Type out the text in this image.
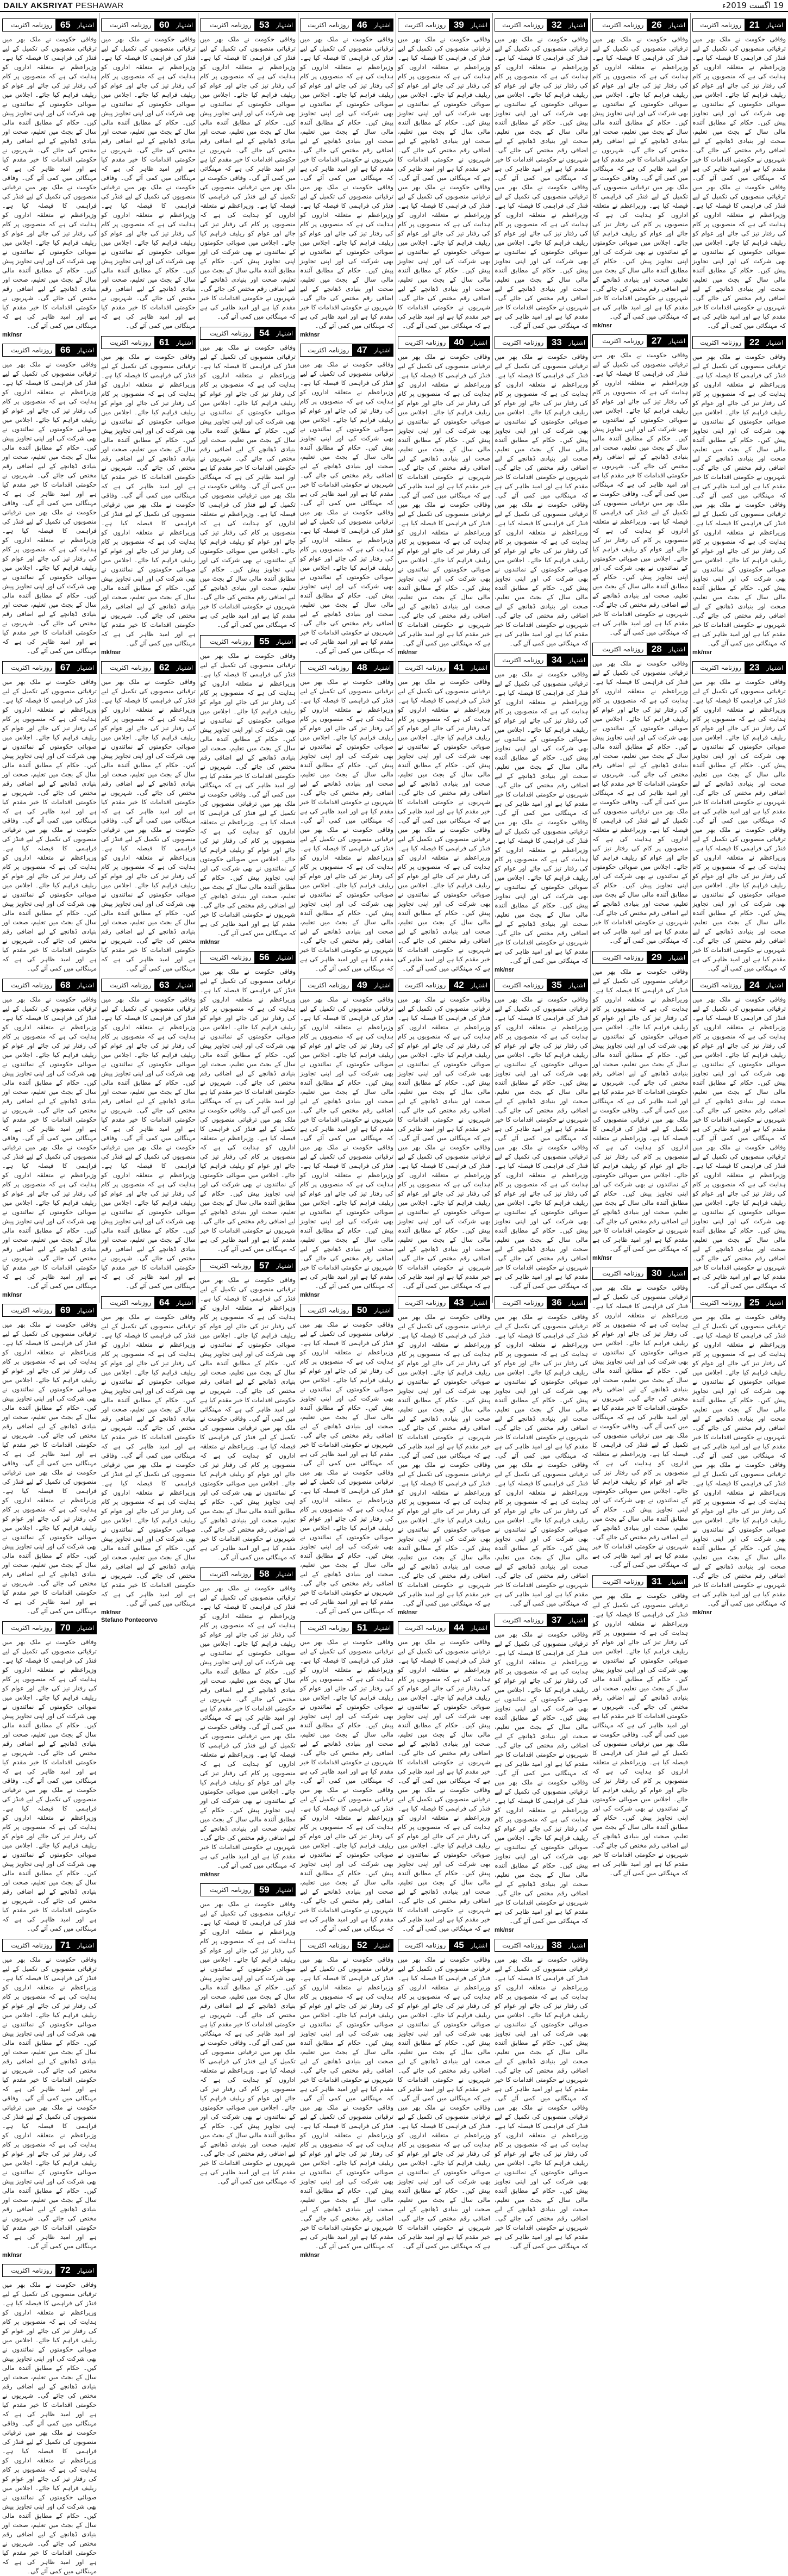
DAILY AKSRIYAT PESHAWAR	19 اگست 2019ء
اشتہار
21
روزنامہ اکثریت

وفاقی حکومت نے ملک بھر میں ترقیاتی منصوبوں کی تکمیل کے لیے فنڈز کی فراہمی کا فیصلہ کیا ہے۔ وزیراعظم نے متعلقہ اداروں کو ہدایت کی ہے کہ منصوبوں پر کام کی رفتار تیز کی جائے اور عوام کو ریلیف فراہم کیا جائے۔ اجلاس میں صوبائی حکومتوں کے نمائندوں نے بھی شرکت کی اور اپنی تجاویز پیش کیں۔ حکام کے مطابق آئندہ مالی سال کے بجٹ میں تعلیم، صحت اور بنیادی ڈھانچے کے لیے اضافی رقم مختص کی جائے گی۔ شہریوں نے حکومتی اقدامات کا خیر مقدم کیا ہے اور امید ظاہر کی ہے کہ مہنگائی میں کمی آئے گی۔ وفاقی حکومت نے ملک بھر میں ترقیاتی منصوبوں کی تکمیل کے لیے فنڈز کی فراہمی کا فیصلہ کیا ہے۔ وزیراعظم نے متعلقہ اداروں کو ہدایت کی ہے کہ منصوبوں پر کام کی رفتار تیز کی جائے اور عوام کو ریلیف فراہم کیا جائے۔ اجلاس میں صوبائی حکومتوں کے نمائندوں نے بھی شرکت کی اور اپنی تجاویز پیش کیں۔ حکام کے مطابق آئندہ مالی سال کے بجٹ میں تعلیم، صحت اور بنیادی ڈھانچے کے لیے اضافی رقم مختص کی جائے گی۔ شہریوں نے حکومتی اقدامات کا خیر مقدم کیا ہے اور امید ظاہر کی ہے کہ مہنگائی میں کمی آئے گی۔

اشتہار
22
روزنامہ اکثریت

وفاقی حکومت نے ملک بھر میں ترقیاتی منصوبوں کی تکمیل کے لیے فنڈز کی فراہمی کا فیصلہ کیا ہے۔ وزیراعظم نے متعلقہ اداروں کو ہدایت کی ہے کہ منصوبوں پر کام کی رفتار تیز کی جائے اور عوام کو ریلیف فراہم کیا جائے۔ اجلاس میں صوبائی حکومتوں کے نمائندوں نے بھی شرکت کی اور اپنی تجاویز پیش کیں۔ حکام کے مطابق آئندہ مالی سال کے بجٹ میں تعلیم، صحت اور بنیادی ڈھانچے کے لیے اضافی رقم مختص کی جائے گی۔ شہریوں نے حکومتی اقدامات کا خیر مقدم کیا ہے اور امید ظاہر کی ہے کہ مہنگائی میں کمی آئے گی۔ وفاقی حکومت نے ملک بھر میں ترقیاتی منصوبوں کی تکمیل کے لیے فنڈز کی فراہمی کا فیصلہ کیا ہے۔ وزیراعظم نے متعلقہ اداروں کو ہدایت کی ہے کہ منصوبوں پر کام کی رفتار تیز کی جائے اور عوام کو ریلیف فراہم کیا جائے۔ اجلاس میں صوبائی حکومتوں کے نمائندوں نے بھی شرکت کی اور اپنی تجاویز پیش کیں۔ حکام کے مطابق آئندہ مالی سال کے بجٹ میں تعلیم، صحت اور بنیادی ڈھانچے کے لیے اضافی رقم مختص کی جائے گی۔ شہریوں نے حکومتی اقدامات کا خیر مقدم کیا ہے اور امید ظاہر کی ہے کہ مہنگائی میں کمی آئے گی۔

mk/nsr
اشتہار
23
روزنامہ اکثریت

وفاقی حکومت نے ملک بھر میں ترقیاتی منصوبوں کی تکمیل کے لیے فنڈز کی فراہمی کا فیصلہ کیا ہے۔ وزیراعظم نے متعلقہ اداروں کو ہدایت کی ہے کہ منصوبوں پر کام کی رفتار تیز کی جائے اور عوام کو ریلیف فراہم کیا جائے۔ اجلاس میں صوبائی حکومتوں کے نمائندوں نے بھی شرکت کی اور اپنی تجاویز پیش کیں۔ حکام کے مطابق آئندہ مالی سال کے بجٹ میں تعلیم، صحت اور بنیادی ڈھانچے کے لیے اضافی رقم مختص کی جائے گی۔ شہریوں نے حکومتی اقدامات کا خیر مقدم کیا ہے اور امید ظاہر کی ہے کہ مہنگائی میں کمی آئے گی۔ وفاقی حکومت نے ملک بھر میں ترقیاتی منصوبوں کی تکمیل کے لیے فنڈز کی فراہمی کا فیصلہ کیا ہے۔ وزیراعظم نے متعلقہ اداروں کو ہدایت کی ہے کہ منصوبوں پر کام کی رفتار تیز کی جائے اور عوام کو ریلیف فراہم کیا جائے۔ اجلاس میں صوبائی حکومتوں کے نمائندوں نے بھی شرکت کی اور اپنی تجاویز پیش کیں۔ حکام کے مطابق آئندہ مالی سال کے بجٹ میں تعلیم، صحت اور بنیادی ڈھانچے کے لیے اضافی رقم مختص کی جائے گی۔ شہریوں نے حکومتی اقدامات کا خیر مقدم کیا ہے اور امید ظاہر کی ہے کہ مہنگائی میں کمی آئے گی۔

اشتہار
24
روزنامہ اکثریت

وفاقی حکومت نے ملک بھر میں ترقیاتی منصوبوں کی تکمیل کے لیے فنڈز کی فراہمی کا فیصلہ کیا ہے۔ وزیراعظم نے متعلقہ اداروں کو ہدایت کی ہے کہ منصوبوں پر کام کی رفتار تیز کی جائے اور عوام کو ریلیف فراہم کیا جائے۔ اجلاس میں صوبائی حکومتوں کے نمائندوں نے بھی شرکت کی اور اپنی تجاویز پیش کیں۔ حکام کے مطابق آئندہ مالی سال کے بجٹ میں تعلیم، صحت اور بنیادی ڈھانچے کے لیے اضافی رقم مختص کی جائے گی۔ شہریوں نے حکومتی اقدامات کا خیر مقدم کیا ہے اور امید ظاہر کی ہے کہ مہنگائی میں کمی آئے گی۔ وفاقی حکومت نے ملک بھر میں ترقیاتی منصوبوں کی تکمیل کے لیے فنڈز کی فراہمی کا فیصلہ کیا ہے۔ وزیراعظم نے متعلقہ اداروں کو ہدایت کی ہے کہ منصوبوں پر کام کی رفتار تیز کی جائے اور عوام کو ریلیف فراہم کیا جائے۔ اجلاس میں صوبائی حکومتوں کے نمائندوں نے بھی شرکت کی اور اپنی تجاویز پیش کیں۔ حکام کے مطابق آئندہ مالی سال کے بجٹ میں تعلیم، صحت اور بنیادی ڈھانچے کے لیے اضافی رقم مختص کی جائے گی۔ شہریوں نے حکومتی اقدامات کا خیر مقدم کیا ہے اور امید ظاہر کی ہے کہ مہنگائی میں کمی آئے گی۔

اشتہار
25
روزنامہ اکثریت

وفاقی حکومت نے ملک بھر میں ترقیاتی منصوبوں کی تکمیل کے لیے فنڈز کی فراہمی کا فیصلہ کیا ہے۔ وزیراعظم نے متعلقہ اداروں کو ہدایت کی ہے کہ منصوبوں پر کام کی رفتار تیز کی جائے اور عوام کو ریلیف فراہم کیا جائے۔ اجلاس میں صوبائی حکومتوں کے نمائندوں نے بھی شرکت کی اور اپنی تجاویز پیش کیں۔ حکام کے مطابق آئندہ مالی سال کے بجٹ میں تعلیم، صحت اور بنیادی ڈھانچے کے لیے اضافی رقم مختص کی جائے گی۔ شہریوں نے حکومتی اقدامات کا خیر مقدم کیا ہے اور امید ظاہر کی ہے کہ مہنگائی میں کمی آئے گی۔ وفاقی حکومت نے ملک بھر میں ترقیاتی منصوبوں کی تکمیل کے لیے فنڈز کی فراہمی کا فیصلہ کیا ہے۔ وزیراعظم نے متعلقہ اداروں کو ہدایت کی ہے کہ منصوبوں پر کام کی رفتار تیز کی جائے اور عوام کو ریلیف فراہم کیا جائے۔ اجلاس میں صوبائی حکومتوں کے نمائندوں نے بھی شرکت کی اور اپنی تجاویز پیش کیں۔ حکام کے مطابق آئندہ مالی سال کے بجٹ میں تعلیم، صحت اور بنیادی ڈھانچے کے لیے اضافی رقم مختص کی جائے گی۔ شہریوں نے حکومتی اقدامات کا خیر مقدم کیا ہے اور امید ظاہر کی ہے کہ مہنگائی میں کمی آئے گی۔

mk/nsr
اشتہار
26
روزنامہ اکثریت

وفاقی حکومت نے ملک بھر میں ترقیاتی منصوبوں کی تکمیل کے لیے فنڈز کی فراہمی کا فیصلہ کیا ہے۔ وزیراعظم نے متعلقہ اداروں کو ہدایت کی ہے کہ منصوبوں پر کام کی رفتار تیز کی جائے اور عوام کو ریلیف فراہم کیا جائے۔ اجلاس میں صوبائی حکومتوں کے نمائندوں نے بھی شرکت کی اور اپنی تجاویز پیش کیں۔ حکام کے مطابق آئندہ مالی سال کے بجٹ میں تعلیم، صحت اور بنیادی ڈھانچے کے لیے اضافی رقم مختص کی جائے گی۔ شہریوں نے حکومتی اقدامات کا خیر مقدم کیا ہے اور امید ظاہر کی ہے کہ مہنگائی میں کمی آئے گی۔ وفاقی حکومت نے ملک بھر میں ترقیاتی منصوبوں کی تکمیل کے لیے فنڈز کی فراہمی کا فیصلہ کیا ہے۔ وزیراعظم نے متعلقہ اداروں کو ہدایت کی ہے کہ منصوبوں پر کام کی رفتار تیز کی جائے اور عوام کو ریلیف فراہم کیا جائے۔ اجلاس میں صوبائی حکومتوں کے نمائندوں نے بھی شرکت کی اور اپنی تجاویز پیش کیں۔ حکام کے مطابق آئندہ مالی سال کے بجٹ میں تعلیم، صحت اور بنیادی ڈھانچے کے لیے اضافی رقم مختص کی جائے گی۔ شہریوں نے حکومتی اقدامات کا خیر مقدم کیا ہے اور امید ظاہر کی ہے کہ مہنگائی میں کمی آئے گی۔

mk/nsr
اشتہار
27
روزنامہ اکثریت

وفاقی حکومت نے ملک بھر میں ترقیاتی منصوبوں کی تکمیل کے لیے فنڈز کی فراہمی کا فیصلہ کیا ہے۔ وزیراعظم نے متعلقہ اداروں کو ہدایت کی ہے کہ منصوبوں پر کام کی رفتار تیز کی جائے اور عوام کو ریلیف فراہم کیا جائے۔ اجلاس میں صوبائی حکومتوں کے نمائندوں نے بھی شرکت کی اور اپنی تجاویز پیش کیں۔ حکام کے مطابق آئندہ مالی سال کے بجٹ میں تعلیم، صحت اور بنیادی ڈھانچے کے لیے اضافی رقم مختص کی جائے گی۔ شہریوں نے حکومتی اقدامات کا خیر مقدم کیا ہے اور امید ظاہر کی ہے کہ مہنگائی میں کمی آئے گی۔ وفاقی حکومت نے ملک بھر میں ترقیاتی منصوبوں کی تکمیل کے لیے فنڈز کی فراہمی کا فیصلہ کیا ہے۔ وزیراعظم نے متعلقہ اداروں کو ہدایت کی ہے کہ منصوبوں پر کام کی رفتار تیز کی جائے اور عوام کو ریلیف فراہم کیا جائے۔ اجلاس میں صوبائی حکومتوں کے نمائندوں نے بھی شرکت کی اور اپنی تجاویز پیش کیں۔ حکام کے مطابق آئندہ مالی سال کے بجٹ میں تعلیم، صحت اور بنیادی ڈھانچے کے لیے اضافی رقم مختص کی جائے گی۔ شہریوں نے حکومتی اقدامات کا خیر مقدم کیا ہے اور امید ظاہر کی ہے کہ مہنگائی میں کمی آئے گی۔

اشتہار
28
روزنامہ اکثریت

وفاقی حکومت نے ملک بھر میں ترقیاتی منصوبوں کی تکمیل کے لیے فنڈز کی فراہمی کا فیصلہ کیا ہے۔ وزیراعظم نے متعلقہ اداروں کو ہدایت کی ہے کہ منصوبوں پر کام کی رفتار تیز کی جائے اور عوام کو ریلیف فراہم کیا جائے۔ اجلاس میں صوبائی حکومتوں کے نمائندوں نے بھی شرکت کی اور اپنی تجاویز پیش کیں۔ حکام کے مطابق آئندہ مالی سال کے بجٹ میں تعلیم، صحت اور بنیادی ڈھانچے کے لیے اضافی رقم مختص کی جائے گی۔ شہریوں نے حکومتی اقدامات کا خیر مقدم کیا ہے اور امید ظاہر کی ہے کہ مہنگائی میں کمی آئے گی۔ وفاقی حکومت نے ملک بھر میں ترقیاتی منصوبوں کی تکمیل کے لیے فنڈز کی فراہمی کا فیصلہ کیا ہے۔ وزیراعظم نے متعلقہ اداروں کو ہدایت کی ہے کہ منصوبوں پر کام کی رفتار تیز کی جائے اور عوام کو ریلیف فراہم کیا جائے۔ اجلاس میں صوبائی حکومتوں کے نمائندوں نے بھی شرکت کی اور اپنی تجاویز پیش کیں۔ حکام کے مطابق آئندہ مالی سال کے بجٹ میں تعلیم، صحت اور بنیادی ڈھانچے کے لیے اضافی رقم مختص کی جائے گی۔ شہریوں نے حکومتی اقدامات کا خیر مقدم کیا ہے اور امید ظاہر کی ہے کہ مہنگائی میں کمی آئے گی۔

اشتہار
29
روزنامہ اکثریت

وفاقی حکومت نے ملک بھر میں ترقیاتی منصوبوں کی تکمیل کے لیے فنڈز کی فراہمی کا فیصلہ کیا ہے۔ وزیراعظم نے متعلقہ اداروں کو ہدایت کی ہے کہ منصوبوں پر کام کی رفتار تیز کی جائے اور عوام کو ریلیف فراہم کیا جائے۔ اجلاس میں صوبائی حکومتوں کے نمائندوں نے بھی شرکت کی اور اپنی تجاویز پیش کیں۔ حکام کے مطابق آئندہ مالی سال کے بجٹ میں تعلیم، صحت اور بنیادی ڈھانچے کے لیے اضافی رقم مختص کی جائے گی۔ شہریوں نے حکومتی اقدامات کا خیر مقدم کیا ہے اور امید ظاہر کی ہے کہ مہنگائی میں کمی آئے گی۔ وفاقی حکومت نے ملک بھر میں ترقیاتی منصوبوں کی تکمیل کے لیے فنڈز کی فراہمی کا فیصلہ کیا ہے۔ وزیراعظم نے متعلقہ اداروں کو ہدایت کی ہے کہ منصوبوں پر کام کی رفتار تیز کی جائے اور عوام کو ریلیف فراہم کیا جائے۔ اجلاس میں صوبائی حکومتوں کے نمائندوں نے بھی شرکت کی اور اپنی تجاویز پیش کیں۔ حکام کے مطابق آئندہ مالی سال کے بجٹ میں تعلیم، صحت اور بنیادی ڈھانچے کے لیے اضافی رقم مختص کی جائے گی۔ شہریوں نے حکومتی اقدامات کا خیر مقدم کیا ہے اور امید ظاہر کی ہے کہ مہنگائی میں کمی آئے گی۔

mk/nsr
اشتہار
30
روزنامہ اکثریت

وفاقی حکومت نے ملک بھر میں ترقیاتی منصوبوں کی تکمیل کے لیے فنڈز کی فراہمی کا فیصلہ کیا ہے۔ وزیراعظم نے متعلقہ اداروں کو ہدایت کی ہے کہ منصوبوں پر کام کی رفتار تیز کی جائے اور عوام کو ریلیف فراہم کیا جائے۔ اجلاس میں صوبائی حکومتوں کے نمائندوں نے بھی شرکت کی اور اپنی تجاویز پیش کیں۔ حکام کے مطابق آئندہ مالی سال کے بجٹ میں تعلیم، صحت اور بنیادی ڈھانچے کے لیے اضافی رقم مختص کی جائے گی۔ شہریوں نے حکومتی اقدامات کا خیر مقدم کیا ہے اور امید ظاہر کی ہے کہ مہنگائی میں کمی آئے گی۔ وفاقی حکومت نے ملک بھر میں ترقیاتی منصوبوں کی تکمیل کے لیے فنڈز کی فراہمی کا فیصلہ کیا ہے۔ وزیراعظم نے متعلقہ اداروں کو ہدایت کی ہے کہ منصوبوں پر کام کی رفتار تیز کی جائے اور عوام کو ریلیف فراہم کیا جائے۔ اجلاس میں صوبائی حکومتوں کے نمائندوں نے بھی شرکت کی اور اپنی تجاویز پیش کیں۔ حکام کے مطابق آئندہ مالی سال کے بجٹ میں تعلیم، صحت اور بنیادی ڈھانچے کے لیے اضافی رقم مختص کی جائے گی۔ شہریوں نے حکومتی اقدامات کا خیر مقدم کیا ہے اور امید ظاہر کی ہے کہ مہنگائی میں کمی آئے گی۔

اشتہار
31
روزنامہ اکثریت

وفاقی حکومت نے ملک بھر میں ترقیاتی منصوبوں کی تکمیل کے لیے فنڈز کی فراہمی کا فیصلہ کیا ہے۔ وزیراعظم نے متعلقہ اداروں کو ہدایت کی ہے کہ منصوبوں پر کام کی رفتار تیز کی جائے اور عوام کو ریلیف فراہم کیا جائے۔ اجلاس میں صوبائی حکومتوں کے نمائندوں نے بھی شرکت کی اور اپنی تجاویز پیش کیں۔ حکام کے مطابق آئندہ مالی سال کے بجٹ میں تعلیم، صحت اور بنیادی ڈھانچے کے لیے اضافی رقم مختص کی جائے گی۔ شہریوں نے حکومتی اقدامات کا خیر مقدم کیا ہے اور امید ظاہر کی ہے کہ مہنگائی میں کمی آئے گی۔ وفاقی حکومت نے ملک بھر میں ترقیاتی منصوبوں کی تکمیل کے لیے فنڈز کی فراہمی کا فیصلہ کیا ہے۔ وزیراعظم نے متعلقہ اداروں کو ہدایت کی ہے کہ منصوبوں پر کام کی رفتار تیز کی جائے اور عوام کو ریلیف فراہم کیا جائے۔ اجلاس میں صوبائی حکومتوں کے نمائندوں نے بھی شرکت کی اور اپنی تجاویز پیش کیں۔ حکام کے مطابق آئندہ مالی سال کے بجٹ میں تعلیم، صحت اور بنیادی ڈھانچے کے لیے اضافی رقم مختص کی جائے گی۔ شہریوں نے حکومتی اقدامات کا خیر مقدم کیا ہے اور امید ظاہر کی ہے کہ مہنگائی میں کمی آئے گی۔

اشتہار
32
روزنامہ اکثریت

وفاقی حکومت نے ملک بھر میں ترقیاتی منصوبوں کی تکمیل کے لیے فنڈز کی فراہمی کا فیصلہ کیا ہے۔ وزیراعظم نے متعلقہ اداروں کو ہدایت کی ہے کہ منصوبوں پر کام کی رفتار تیز کی جائے اور عوام کو ریلیف فراہم کیا جائے۔ اجلاس میں صوبائی حکومتوں کے نمائندوں نے بھی شرکت کی اور اپنی تجاویز پیش کیں۔ حکام کے مطابق آئندہ مالی سال کے بجٹ میں تعلیم، صحت اور بنیادی ڈھانچے کے لیے اضافی رقم مختص کی جائے گی۔ شہریوں نے حکومتی اقدامات کا خیر مقدم کیا ہے اور امید ظاہر کی ہے کہ مہنگائی میں کمی آئے گی۔ وفاقی حکومت نے ملک بھر میں ترقیاتی منصوبوں کی تکمیل کے لیے فنڈز کی فراہمی کا فیصلہ کیا ہے۔ وزیراعظم نے متعلقہ اداروں کو ہدایت کی ہے کہ منصوبوں پر کام کی رفتار تیز کی جائے اور عوام کو ریلیف فراہم کیا جائے۔ اجلاس میں صوبائی حکومتوں کے نمائندوں نے بھی شرکت کی اور اپنی تجاویز پیش کیں۔ حکام کے مطابق آئندہ مالی سال کے بجٹ میں تعلیم، صحت اور بنیادی ڈھانچے کے لیے اضافی رقم مختص کی جائے گی۔ شہریوں نے حکومتی اقدامات کا خیر مقدم کیا ہے اور امید ظاہر کی ہے کہ مہنگائی میں کمی آئے گی۔

اشتہار
33
روزنامہ اکثریت

وفاقی حکومت نے ملک بھر میں ترقیاتی منصوبوں کی تکمیل کے لیے فنڈز کی فراہمی کا فیصلہ کیا ہے۔ وزیراعظم نے متعلقہ اداروں کو ہدایت کی ہے کہ منصوبوں پر کام کی رفتار تیز کی جائے اور عوام کو ریلیف فراہم کیا جائے۔ اجلاس میں صوبائی حکومتوں کے نمائندوں نے بھی شرکت کی اور اپنی تجاویز پیش کیں۔ حکام کے مطابق آئندہ مالی سال کے بجٹ میں تعلیم، صحت اور بنیادی ڈھانچے کے لیے اضافی رقم مختص کی جائے گی۔ شہریوں نے حکومتی اقدامات کا خیر مقدم کیا ہے اور امید ظاہر کی ہے کہ مہنگائی میں کمی آئے گی۔ وفاقی حکومت نے ملک بھر میں ترقیاتی منصوبوں کی تکمیل کے لیے فنڈز کی فراہمی کا فیصلہ کیا ہے۔ وزیراعظم نے متعلقہ اداروں کو ہدایت کی ہے کہ منصوبوں پر کام کی رفتار تیز کی جائے اور عوام کو ریلیف فراہم کیا جائے۔ اجلاس میں صوبائی حکومتوں کے نمائندوں نے بھی شرکت کی اور اپنی تجاویز پیش کیں۔ حکام کے مطابق آئندہ مالی سال کے بجٹ میں تعلیم، صحت اور بنیادی ڈھانچے کے لیے اضافی رقم مختص کی جائے گی۔ شہریوں نے حکومتی اقدامات کا خیر مقدم کیا ہے اور امید ظاہر کی ہے کہ مہنگائی میں کمی آئے گی۔

اشتہار
34
روزنامہ اکثریت

وفاقی حکومت نے ملک بھر میں ترقیاتی منصوبوں کی تکمیل کے لیے فنڈز کی فراہمی کا فیصلہ کیا ہے۔ وزیراعظم نے متعلقہ اداروں کو ہدایت کی ہے کہ منصوبوں پر کام کی رفتار تیز کی جائے اور عوام کو ریلیف فراہم کیا جائے۔ اجلاس میں صوبائی حکومتوں کے نمائندوں نے بھی شرکت کی اور اپنی تجاویز پیش کیں۔ حکام کے مطابق آئندہ مالی سال کے بجٹ میں تعلیم، صحت اور بنیادی ڈھانچے کے لیے اضافی رقم مختص کی جائے گی۔ شہریوں نے حکومتی اقدامات کا خیر مقدم کیا ہے اور امید ظاہر کی ہے کہ مہنگائی میں کمی آئے گی۔ وفاقی حکومت نے ملک بھر میں ترقیاتی منصوبوں کی تکمیل کے لیے فنڈز کی فراہمی کا فیصلہ کیا ہے۔ وزیراعظم نے متعلقہ اداروں کو ہدایت کی ہے کہ منصوبوں پر کام کی رفتار تیز کی جائے اور عوام کو ریلیف فراہم کیا جائے۔ اجلاس میں صوبائی حکومتوں کے نمائندوں نے بھی شرکت کی اور اپنی تجاویز پیش کیں۔ حکام کے مطابق آئندہ مالی سال کے بجٹ میں تعلیم، صحت اور بنیادی ڈھانچے کے لیے اضافی رقم مختص کی جائے گی۔ شہریوں نے حکومتی اقدامات کا خیر مقدم کیا ہے اور امید ظاہر کی ہے کہ مہنگائی میں کمی آئے گی۔

mk/nsr
اشتہار
35
روزنامہ اکثریت

وفاقی حکومت نے ملک بھر میں ترقیاتی منصوبوں کی تکمیل کے لیے فنڈز کی فراہمی کا فیصلہ کیا ہے۔ وزیراعظم نے متعلقہ اداروں کو ہدایت کی ہے کہ منصوبوں پر کام کی رفتار تیز کی جائے اور عوام کو ریلیف فراہم کیا جائے۔ اجلاس میں صوبائی حکومتوں کے نمائندوں نے بھی شرکت کی اور اپنی تجاویز پیش کیں۔ حکام کے مطابق آئندہ مالی سال کے بجٹ میں تعلیم، صحت اور بنیادی ڈھانچے کے لیے اضافی رقم مختص کی جائے گی۔ شہریوں نے حکومتی اقدامات کا خیر مقدم کیا ہے اور امید ظاہر کی ہے کہ مہنگائی میں کمی آئے گی۔ وفاقی حکومت نے ملک بھر میں ترقیاتی منصوبوں کی تکمیل کے لیے فنڈز کی فراہمی کا فیصلہ کیا ہے۔ وزیراعظم نے متعلقہ اداروں کو ہدایت کی ہے کہ منصوبوں پر کام کی رفتار تیز کی جائے اور عوام کو ریلیف فراہم کیا جائے۔ اجلاس میں صوبائی حکومتوں کے نمائندوں نے بھی شرکت کی اور اپنی تجاویز پیش کیں۔ حکام کے مطابق آئندہ مالی سال کے بجٹ میں تعلیم، صحت اور بنیادی ڈھانچے کے لیے اضافی رقم مختص کی جائے گی۔ شہریوں نے حکومتی اقدامات کا خیر مقدم کیا ہے اور امید ظاہر کی ہے کہ مہنگائی میں کمی آئے گی۔

اشتہار
36
روزنامہ اکثریت

وفاقی حکومت نے ملک بھر میں ترقیاتی منصوبوں کی تکمیل کے لیے فنڈز کی فراہمی کا فیصلہ کیا ہے۔ وزیراعظم نے متعلقہ اداروں کو ہدایت کی ہے کہ منصوبوں پر کام کی رفتار تیز کی جائے اور عوام کو ریلیف فراہم کیا جائے۔ اجلاس میں صوبائی حکومتوں کے نمائندوں نے بھی شرکت کی اور اپنی تجاویز پیش کیں۔ حکام کے مطابق آئندہ مالی سال کے بجٹ میں تعلیم، صحت اور بنیادی ڈھانچے کے لیے اضافی رقم مختص کی جائے گی۔ شہریوں نے حکومتی اقدامات کا خیر مقدم کیا ہے اور امید ظاہر کی ہے کہ مہنگائی میں کمی آئے گی۔ وفاقی حکومت نے ملک بھر میں ترقیاتی منصوبوں کی تکمیل کے لیے فنڈز کی فراہمی کا فیصلہ کیا ہے۔ وزیراعظم نے متعلقہ اداروں کو ہدایت کی ہے کہ منصوبوں پر کام کی رفتار تیز کی جائے اور عوام کو ریلیف فراہم کیا جائے۔ اجلاس میں صوبائی حکومتوں کے نمائندوں نے بھی شرکت کی اور اپنی تجاویز پیش کیں۔ حکام کے مطابق آئندہ مالی سال کے بجٹ میں تعلیم، صحت اور بنیادی ڈھانچے کے لیے اضافی رقم مختص کی جائے گی۔ شہریوں نے حکومتی اقدامات کا خیر مقدم کیا ہے اور امید ظاہر کی ہے کہ مہنگائی میں کمی آئے گی۔

اشتہار
37
روزنامہ اکثریت

وفاقی حکومت نے ملک بھر میں ترقیاتی منصوبوں کی تکمیل کے لیے فنڈز کی فراہمی کا فیصلہ کیا ہے۔ وزیراعظم نے متعلقہ اداروں کو ہدایت کی ہے کہ منصوبوں پر کام کی رفتار تیز کی جائے اور عوام کو ریلیف فراہم کیا جائے۔ اجلاس میں صوبائی حکومتوں کے نمائندوں نے بھی شرکت کی اور اپنی تجاویز پیش کیں۔ حکام کے مطابق آئندہ مالی سال کے بجٹ میں تعلیم، صحت اور بنیادی ڈھانچے کے لیے اضافی رقم مختص کی جائے گی۔ شہریوں نے حکومتی اقدامات کا خیر مقدم کیا ہے اور امید ظاہر کی ہے کہ مہنگائی میں کمی آئے گی۔ وفاقی حکومت نے ملک بھر میں ترقیاتی منصوبوں کی تکمیل کے لیے فنڈز کی فراہمی کا فیصلہ کیا ہے۔ وزیراعظم نے متعلقہ اداروں کو ہدایت کی ہے کہ منصوبوں پر کام کی رفتار تیز کی جائے اور عوام کو ریلیف فراہم کیا جائے۔ اجلاس میں صوبائی حکومتوں کے نمائندوں نے بھی شرکت کی اور اپنی تجاویز پیش کیں۔ حکام کے مطابق آئندہ مالی سال کے بجٹ میں تعلیم، صحت اور بنیادی ڈھانچے کے لیے اضافی رقم مختص کی جائے گی۔ شہریوں نے حکومتی اقدامات کا خیر مقدم کیا ہے اور امید ظاہر کی ہے کہ مہنگائی میں کمی آئے گی۔

mk/nsr
اشتہار
38
روزنامہ اکثریت

وفاقی حکومت نے ملک بھر میں ترقیاتی منصوبوں کی تکمیل کے لیے فنڈز کی فراہمی کا فیصلہ کیا ہے۔ وزیراعظم نے متعلقہ اداروں کو ہدایت کی ہے کہ منصوبوں پر کام کی رفتار تیز کی جائے اور عوام کو ریلیف فراہم کیا جائے۔ اجلاس میں صوبائی حکومتوں کے نمائندوں نے بھی شرکت کی اور اپنی تجاویز پیش کیں۔ حکام کے مطابق آئندہ مالی سال کے بجٹ میں تعلیم، صحت اور بنیادی ڈھانچے کے لیے اضافی رقم مختص کی جائے گی۔ شہریوں نے حکومتی اقدامات کا خیر مقدم کیا ہے اور امید ظاہر کی ہے کہ مہنگائی میں کمی آئے گی۔ وفاقی حکومت نے ملک بھر میں ترقیاتی منصوبوں کی تکمیل کے لیے فنڈز کی فراہمی کا فیصلہ کیا ہے۔ وزیراعظم نے متعلقہ اداروں کو ہدایت کی ہے کہ منصوبوں پر کام کی رفتار تیز کی جائے اور عوام کو ریلیف فراہم کیا جائے۔ اجلاس میں صوبائی حکومتوں کے نمائندوں نے بھی شرکت کی اور اپنی تجاویز پیش کیں۔ حکام کے مطابق آئندہ مالی سال کے بجٹ میں تعلیم، صحت اور بنیادی ڈھانچے کے لیے اضافی رقم مختص کی جائے گی۔ شہریوں نے حکومتی اقدامات کا خیر مقدم کیا ہے اور امید ظاہر کی ہے کہ مہنگائی میں کمی آئے گی۔

اشتہار
39
روزنامہ اکثریت

وفاقی حکومت نے ملک بھر میں ترقیاتی منصوبوں کی تکمیل کے لیے فنڈز کی فراہمی کا فیصلہ کیا ہے۔ وزیراعظم نے متعلقہ اداروں کو ہدایت کی ہے کہ منصوبوں پر کام کی رفتار تیز کی جائے اور عوام کو ریلیف فراہم کیا جائے۔ اجلاس میں صوبائی حکومتوں کے نمائندوں نے بھی شرکت کی اور اپنی تجاویز پیش کیں۔ حکام کے مطابق آئندہ مالی سال کے بجٹ میں تعلیم، صحت اور بنیادی ڈھانچے کے لیے اضافی رقم مختص کی جائے گی۔ شہریوں نے حکومتی اقدامات کا خیر مقدم کیا ہے اور امید ظاہر کی ہے کہ مہنگائی میں کمی آئے گی۔ وفاقی حکومت نے ملک بھر میں ترقیاتی منصوبوں کی تکمیل کے لیے فنڈز کی فراہمی کا فیصلہ کیا ہے۔ وزیراعظم نے متعلقہ اداروں کو ہدایت کی ہے کہ منصوبوں پر کام کی رفتار تیز کی جائے اور عوام کو ریلیف فراہم کیا جائے۔ اجلاس میں صوبائی حکومتوں کے نمائندوں نے بھی شرکت کی اور اپنی تجاویز پیش کیں۔ حکام کے مطابق آئندہ مالی سال کے بجٹ میں تعلیم، صحت اور بنیادی ڈھانچے کے لیے اضافی رقم مختص کی جائے گی۔ شہریوں نے حکومتی اقدامات کا خیر مقدم کیا ہے اور امید ظاہر کی ہے کہ مہنگائی میں کمی آئے گی۔

اشتہار
40
روزنامہ اکثریت

وفاقی حکومت نے ملک بھر میں ترقیاتی منصوبوں کی تکمیل کے لیے فنڈز کی فراہمی کا فیصلہ کیا ہے۔ وزیراعظم نے متعلقہ اداروں کو ہدایت کی ہے کہ منصوبوں پر کام کی رفتار تیز کی جائے اور عوام کو ریلیف فراہم کیا جائے۔ اجلاس میں صوبائی حکومتوں کے نمائندوں نے بھی شرکت کی اور اپنی تجاویز پیش کیں۔ حکام کے مطابق آئندہ مالی سال کے بجٹ میں تعلیم، صحت اور بنیادی ڈھانچے کے لیے اضافی رقم مختص کی جائے گی۔ شہریوں نے حکومتی اقدامات کا خیر مقدم کیا ہے اور امید ظاہر کی ہے کہ مہنگائی میں کمی آئے گی۔ وفاقی حکومت نے ملک بھر میں ترقیاتی منصوبوں کی تکمیل کے لیے فنڈز کی فراہمی کا فیصلہ کیا ہے۔ وزیراعظم نے متعلقہ اداروں کو ہدایت کی ہے کہ منصوبوں پر کام کی رفتار تیز کی جائے اور عوام کو ریلیف فراہم کیا جائے۔ اجلاس میں صوبائی حکومتوں کے نمائندوں نے بھی شرکت کی اور اپنی تجاویز پیش کیں۔ حکام کے مطابق آئندہ مالی سال کے بجٹ میں تعلیم، صحت اور بنیادی ڈھانچے کے لیے اضافی رقم مختص کی جائے گی۔ شہریوں نے حکومتی اقدامات کا خیر مقدم کیا ہے اور امید ظاہر کی ہے کہ مہنگائی میں کمی آئے گی۔

mk/nsr
اشتہار
41
روزنامہ اکثریت

وفاقی حکومت نے ملک بھر میں ترقیاتی منصوبوں کی تکمیل کے لیے فنڈز کی فراہمی کا فیصلہ کیا ہے۔ وزیراعظم نے متعلقہ اداروں کو ہدایت کی ہے کہ منصوبوں پر کام کی رفتار تیز کی جائے اور عوام کو ریلیف فراہم کیا جائے۔ اجلاس میں صوبائی حکومتوں کے نمائندوں نے بھی شرکت کی اور اپنی تجاویز پیش کیں۔ حکام کے مطابق آئندہ مالی سال کے بجٹ میں تعلیم، صحت اور بنیادی ڈھانچے کے لیے اضافی رقم مختص کی جائے گی۔ شہریوں نے حکومتی اقدامات کا خیر مقدم کیا ہے اور امید ظاہر کی ہے کہ مہنگائی میں کمی آئے گی۔ وفاقی حکومت نے ملک بھر میں ترقیاتی منصوبوں کی تکمیل کے لیے فنڈز کی فراہمی کا فیصلہ کیا ہے۔ وزیراعظم نے متعلقہ اداروں کو ہدایت کی ہے کہ منصوبوں پر کام کی رفتار تیز کی جائے اور عوام کو ریلیف فراہم کیا جائے۔ اجلاس میں صوبائی حکومتوں کے نمائندوں نے بھی شرکت کی اور اپنی تجاویز پیش کیں۔ حکام کے مطابق آئندہ مالی سال کے بجٹ میں تعلیم، صحت اور بنیادی ڈھانچے کے لیے اضافی رقم مختص کی جائے گی۔ شہریوں نے حکومتی اقدامات کا خیر مقدم کیا ہے اور امید ظاہر کی ہے کہ مہنگائی میں کمی آئے گی۔

اشتہار
42
روزنامہ اکثریت

وفاقی حکومت نے ملک بھر میں ترقیاتی منصوبوں کی تکمیل کے لیے فنڈز کی فراہمی کا فیصلہ کیا ہے۔ وزیراعظم نے متعلقہ اداروں کو ہدایت کی ہے کہ منصوبوں پر کام کی رفتار تیز کی جائے اور عوام کو ریلیف فراہم کیا جائے۔ اجلاس میں صوبائی حکومتوں کے نمائندوں نے بھی شرکت کی اور اپنی تجاویز پیش کیں۔ حکام کے مطابق آئندہ مالی سال کے بجٹ میں تعلیم، صحت اور بنیادی ڈھانچے کے لیے اضافی رقم مختص کی جائے گی۔ شہریوں نے حکومتی اقدامات کا خیر مقدم کیا ہے اور امید ظاہر کی ہے کہ مہنگائی میں کمی آئے گی۔ وفاقی حکومت نے ملک بھر میں ترقیاتی منصوبوں کی تکمیل کے لیے فنڈز کی فراہمی کا فیصلہ کیا ہے۔ وزیراعظم نے متعلقہ اداروں کو ہدایت کی ہے کہ منصوبوں پر کام کی رفتار تیز کی جائے اور عوام کو ریلیف فراہم کیا جائے۔ اجلاس میں صوبائی حکومتوں کے نمائندوں نے بھی شرکت کی اور اپنی تجاویز پیش کیں۔ حکام کے مطابق آئندہ مالی سال کے بجٹ میں تعلیم، صحت اور بنیادی ڈھانچے کے لیے اضافی رقم مختص کی جائے گی۔ شہریوں نے حکومتی اقدامات کا خیر مقدم کیا ہے اور امید ظاہر کی ہے کہ مہنگائی میں کمی آئے گی۔

اشتہار
43
روزنامہ اکثریت

وفاقی حکومت نے ملک بھر میں ترقیاتی منصوبوں کی تکمیل کے لیے فنڈز کی فراہمی کا فیصلہ کیا ہے۔ وزیراعظم نے متعلقہ اداروں کو ہدایت کی ہے کہ منصوبوں پر کام کی رفتار تیز کی جائے اور عوام کو ریلیف فراہم کیا جائے۔ اجلاس میں صوبائی حکومتوں کے نمائندوں نے بھی شرکت کی اور اپنی تجاویز پیش کیں۔ حکام کے مطابق آئندہ مالی سال کے بجٹ میں تعلیم، صحت اور بنیادی ڈھانچے کے لیے اضافی رقم مختص کی جائے گی۔ شہریوں نے حکومتی اقدامات کا خیر مقدم کیا ہے اور امید ظاہر کی ہے کہ مہنگائی میں کمی آئے گی۔ وفاقی حکومت نے ملک بھر میں ترقیاتی منصوبوں کی تکمیل کے لیے فنڈز کی فراہمی کا فیصلہ کیا ہے۔ وزیراعظم نے متعلقہ اداروں کو ہدایت کی ہے کہ منصوبوں پر کام کی رفتار تیز کی جائے اور عوام کو ریلیف فراہم کیا جائے۔ اجلاس میں صوبائی حکومتوں کے نمائندوں نے بھی شرکت کی اور اپنی تجاویز پیش کیں۔ حکام کے مطابق آئندہ مالی سال کے بجٹ میں تعلیم، صحت اور بنیادی ڈھانچے کے لیے اضافی رقم مختص کی جائے گی۔ شہریوں نے حکومتی اقدامات کا خیر مقدم کیا ہے اور امید ظاہر کی ہے کہ مہنگائی میں کمی آئے گی۔

mk/nsr
اشتہار
44
روزنامہ اکثریت

وفاقی حکومت نے ملک بھر میں ترقیاتی منصوبوں کی تکمیل کے لیے فنڈز کی فراہمی کا فیصلہ کیا ہے۔ وزیراعظم نے متعلقہ اداروں کو ہدایت کی ہے کہ منصوبوں پر کام کی رفتار تیز کی جائے اور عوام کو ریلیف فراہم کیا جائے۔ اجلاس میں صوبائی حکومتوں کے نمائندوں نے بھی شرکت کی اور اپنی تجاویز پیش کیں۔ حکام کے مطابق آئندہ مالی سال کے بجٹ میں تعلیم، صحت اور بنیادی ڈھانچے کے لیے اضافی رقم مختص کی جائے گی۔ شہریوں نے حکومتی اقدامات کا خیر مقدم کیا ہے اور امید ظاہر کی ہے کہ مہنگائی میں کمی آئے گی۔ وفاقی حکومت نے ملک بھر میں ترقیاتی منصوبوں کی تکمیل کے لیے فنڈز کی فراہمی کا فیصلہ کیا ہے۔ وزیراعظم نے متعلقہ اداروں کو ہدایت کی ہے کہ منصوبوں پر کام کی رفتار تیز کی جائے اور عوام کو ریلیف فراہم کیا جائے۔ اجلاس میں صوبائی حکومتوں کے نمائندوں نے بھی شرکت کی اور اپنی تجاویز پیش کیں۔ حکام کے مطابق آئندہ مالی سال کے بجٹ میں تعلیم، صحت اور بنیادی ڈھانچے کے لیے اضافی رقم مختص کی جائے گی۔ شہریوں نے حکومتی اقدامات کا خیر مقدم کیا ہے اور امید ظاہر کی ہے کہ مہنگائی میں کمی آئے گی۔

اشتہار
45
روزنامہ اکثریت

وفاقی حکومت نے ملک بھر میں ترقیاتی منصوبوں کی تکمیل کے لیے فنڈز کی فراہمی کا فیصلہ کیا ہے۔ وزیراعظم نے متعلقہ اداروں کو ہدایت کی ہے کہ منصوبوں پر کام کی رفتار تیز کی جائے اور عوام کو ریلیف فراہم کیا جائے۔ اجلاس میں صوبائی حکومتوں کے نمائندوں نے بھی شرکت کی اور اپنی تجاویز پیش کیں۔ حکام کے مطابق آئندہ مالی سال کے بجٹ میں تعلیم، صحت اور بنیادی ڈھانچے کے لیے اضافی رقم مختص کی جائے گی۔ شہریوں نے حکومتی اقدامات کا خیر مقدم کیا ہے اور امید ظاہر کی ہے کہ مہنگائی میں کمی آئے گی۔ وفاقی حکومت نے ملک بھر میں ترقیاتی منصوبوں کی تکمیل کے لیے فنڈز کی فراہمی کا فیصلہ کیا ہے۔ وزیراعظم نے متعلقہ اداروں کو ہدایت کی ہے کہ منصوبوں پر کام کی رفتار تیز کی جائے اور عوام کو ریلیف فراہم کیا جائے۔ اجلاس میں صوبائی حکومتوں کے نمائندوں نے بھی شرکت کی اور اپنی تجاویز پیش کیں۔ حکام کے مطابق آئندہ مالی سال کے بجٹ میں تعلیم، صحت اور بنیادی ڈھانچے کے لیے اضافی رقم مختص کی جائے گی۔ شہریوں نے حکومتی اقدامات کا خیر مقدم کیا ہے اور امید ظاہر کی ہے کہ مہنگائی میں کمی آئے گی۔

اشتہار
46
روزنامہ اکثریت

وفاقی حکومت نے ملک بھر میں ترقیاتی منصوبوں کی تکمیل کے لیے فنڈز کی فراہمی کا فیصلہ کیا ہے۔ وزیراعظم نے متعلقہ اداروں کو ہدایت کی ہے کہ منصوبوں پر کام کی رفتار تیز کی جائے اور عوام کو ریلیف فراہم کیا جائے۔ اجلاس میں صوبائی حکومتوں کے نمائندوں نے بھی شرکت کی اور اپنی تجاویز پیش کیں۔ حکام کے مطابق آئندہ مالی سال کے بجٹ میں تعلیم، صحت اور بنیادی ڈھانچے کے لیے اضافی رقم مختص کی جائے گی۔ شہریوں نے حکومتی اقدامات کا خیر مقدم کیا ہے اور امید ظاہر کی ہے کہ مہنگائی میں کمی آئے گی۔ وفاقی حکومت نے ملک بھر میں ترقیاتی منصوبوں کی تکمیل کے لیے فنڈز کی فراہمی کا فیصلہ کیا ہے۔ وزیراعظم نے متعلقہ اداروں کو ہدایت کی ہے کہ منصوبوں پر کام کی رفتار تیز کی جائے اور عوام کو ریلیف فراہم کیا جائے۔ اجلاس میں صوبائی حکومتوں کے نمائندوں نے بھی شرکت کی اور اپنی تجاویز پیش کیں۔ حکام کے مطابق آئندہ مالی سال کے بجٹ میں تعلیم، صحت اور بنیادی ڈھانچے کے لیے اضافی رقم مختص کی جائے گی۔ شہریوں نے حکومتی اقدامات کا خیر مقدم کیا ہے اور امید ظاہر کی ہے کہ مہنگائی میں کمی آئے گی۔

mk/nsr
اشتہار
47
روزنامہ اکثریت

وفاقی حکومت نے ملک بھر میں ترقیاتی منصوبوں کی تکمیل کے لیے فنڈز کی فراہمی کا فیصلہ کیا ہے۔ وزیراعظم نے متعلقہ اداروں کو ہدایت کی ہے کہ منصوبوں پر کام کی رفتار تیز کی جائے اور عوام کو ریلیف فراہم کیا جائے۔ اجلاس میں صوبائی حکومتوں کے نمائندوں نے بھی شرکت کی اور اپنی تجاویز پیش کیں۔ حکام کے مطابق آئندہ مالی سال کے بجٹ میں تعلیم، صحت اور بنیادی ڈھانچے کے لیے اضافی رقم مختص کی جائے گی۔ شہریوں نے حکومتی اقدامات کا خیر مقدم کیا ہے اور امید ظاہر کی ہے کہ مہنگائی میں کمی آئے گی۔ وفاقی حکومت نے ملک بھر میں ترقیاتی منصوبوں کی تکمیل کے لیے فنڈز کی فراہمی کا فیصلہ کیا ہے۔ وزیراعظم نے متعلقہ اداروں کو ہدایت کی ہے کہ منصوبوں پر کام کی رفتار تیز کی جائے اور عوام کو ریلیف فراہم کیا جائے۔ اجلاس میں صوبائی حکومتوں کے نمائندوں نے بھی شرکت کی اور اپنی تجاویز پیش کیں۔ حکام کے مطابق آئندہ مالی سال کے بجٹ میں تعلیم، صحت اور بنیادی ڈھانچے کے لیے اضافی رقم مختص کی جائے گی۔ شہریوں نے حکومتی اقدامات کا خیر مقدم کیا ہے اور امید ظاہر کی ہے کہ مہنگائی میں کمی آئے گی۔

اشتہار
48
روزنامہ اکثریت

وفاقی حکومت نے ملک بھر میں ترقیاتی منصوبوں کی تکمیل کے لیے فنڈز کی فراہمی کا فیصلہ کیا ہے۔ وزیراعظم نے متعلقہ اداروں کو ہدایت کی ہے کہ منصوبوں پر کام کی رفتار تیز کی جائے اور عوام کو ریلیف فراہم کیا جائے۔ اجلاس میں صوبائی حکومتوں کے نمائندوں نے بھی شرکت کی اور اپنی تجاویز پیش کیں۔ حکام کے مطابق آئندہ مالی سال کے بجٹ میں تعلیم، صحت اور بنیادی ڈھانچے کے لیے اضافی رقم مختص کی جائے گی۔ شہریوں نے حکومتی اقدامات کا خیر مقدم کیا ہے اور امید ظاہر کی ہے کہ مہنگائی میں کمی آئے گی۔ وفاقی حکومت نے ملک بھر میں ترقیاتی منصوبوں کی تکمیل کے لیے فنڈز کی فراہمی کا فیصلہ کیا ہے۔ وزیراعظم نے متعلقہ اداروں کو ہدایت کی ہے کہ منصوبوں پر کام کی رفتار تیز کی جائے اور عوام کو ریلیف فراہم کیا جائے۔ اجلاس میں صوبائی حکومتوں کے نمائندوں نے بھی شرکت کی اور اپنی تجاویز پیش کیں۔ حکام کے مطابق آئندہ مالی سال کے بجٹ میں تعلیم، صحت اور بنیادی ڈھانچے کے لیے اضافی رقم مختص کی جائے گی۔ شہریوں نے حکومتی اقدامات کا خیر مقدم کیا ہے اور امید ظاہر کی ہے کہ مہنگائی میں کمی آئے گی۔

اشتہار
49
روزنامہ اکثریت

وفاقی حکومت نے ملک بھر میں ترقیاتی منصوبوں کی تکمیل کے لیے فنڈز کی فراہمی کا فیصلہ کیا ہے۔ وزیراعظم نے متعلقہ اداروں کو ہدایت کی ہے کہ منصوبوں پر کام کی رفتار تیز کی جائے اور عوام کو ریلیف فراہم کیا جائے۔ اجلاس میں صوبائی حکومتوں کے نمائندوں نے بھی شرکت کی اور اپنی تجاویز پیش کیں۔ حکام کے مطابق آئندہ مالی سال کے بجٹ میں تعلیم، صحت اور بنیادی ڈھانچے کے لیے اضافی رقم مختص کی جائے گی۔ شہریوں نے حکومتی اقدامات کا خیر مقدم کیا ہے اور امید ظاہر کی ہے کہ مہنگائی میں کمی آئے گی۔ وفاقی حکومت نے ملک بھر میں ترقیاتی منصوبوں کی تکمیل کے لیے فنڈز کی فراہمی کا فیصلہ کیا ہے۔ وزیراعظم نے متعلقہ اداروں کو ہدایت کی ہے کہ منصوبوں پر کام کی رفتار تیز کی جائے اور عوام کو ریلیف فراہم کیا جائے۔ اجلاس میں صوبائی حکومتوں کے نمائندوں نے بھی شرکت کی اور اپنی تجاویز پیش کیں۔ حکام کے مطابق آئندہ مالی سال کے بجٹ میں تعلیم، صحت اور بنیادی ڈھانچے کے لیے اضافی رقم مختص کی جائے گی۔ شہریوں نے حکومتی اقدامات کا خیر مقدم کیا ہے اور امید ظاہر کی ہے کہ مہنگائی میں کمی آئے گی۔

mk/nsr
اشتہار
50
روزنامہ اکثریت

وفاقی حکومت نے ملک بھر میں ترقیاتی منصوبوں کی تکمیل کے لیے فنڈز کی فراہمی کا فیصلہ کیا ہے۔ وزیراعظم نے متعلقہ اداروں کو ہدایت کی ہے کہ منصوبوں پر کام کی رفتار تیز کی جائے اور عوام کو ریلیف فراہم کیا جائے۔ اجلاس میں صوبائی حکومتوں کے نمائندوں نے بھی شرکت کی اور اپنی تجاویز پیش کیں۔ حکام کے مطابق آئندہ مالی سال کے بجٹ میں تعلیم، صحت اور بنیادی ڈھانچے کے لیے اضافی رقم مختص کی جائے گی۔ شہریوں نے حکومتی اقدامات کا خیر مقدم کیا ہے اور امید ظاہر کی ہے کہ مہنگائی میں کمی آئے گی۔ وفاقی حکومت نے ملک بھر میں ترقیاتی منصوبوں کی تکمیل کے لیے فنڈز کی فراہمی کا فیصلہ کیا ہے۔ وزیراعظم نے متعلقہ اداروں کو ہدایت کی ہے کہ منصوبوں پر کام کی رفتار تیز کی جائے اور عوام کو ریلیف فراہم کیا جائے۔ اجلاس میں صوبائی حکومتوں کے نمائندوں نے بھی شرکت کی اور اپنی تجاویز پیش کیں۔ حکام کے مطابق آئندہ مالی سال کے بجٹ میں تعلیم، صحت اور بنیادی ڈھانچے کے لیے اضافی رقم مختص کی جائے گی۔ شہریوں نے حکومتی اقدامات کا خیر مقدم کیا ہے اور امید ظاہر کی ہے کہ مہنگائی میں کمی آئے گی۔

اشتہار
51
روزنامہ اکثریت

وفاقی حکومت نے ملک بھر میں ترقیاتی منصوبوں کی تکمیل کے لیے فنڈز کی فراہمی کا فیصلہ کیا ہے۔ وزیراعظم نے متعلقہ اداروں کو ہدایت کی ہے کہ منصوبوں پر کام کی رفتار تیز کی جائے اور عوام کو ریلیف فراہم کیا جائے۔ اجلاس میں صوبائی حکومتوں کے نمائندوں نے بھی شرکت کی اور اپنی تجاویز پیش کیں۔ حکام کے مطابق آئندہ مالی سال کے بجٹ میں تعلیم، صحت اور بنیادی ڈھانچے کے لیے اضافی رقم مختص کی جائے گی۔ شہریوں نے حکومتی اقدامات کا خیر مقدم کیا ہے اور امید ظاہر کی ہے کہ مہنگائی میں کمی آئے گی۔ وفاقی حکومت نے ملک بھر میں ترقیاتی منصوبوں کی تکمیل کے لیے فنڈز کی فراہمی کا فیصلہ کیا ہے۔ وزیراعظم نے متعلقہ اداروں کو ہدایت کی ہے کہ منصوبوں پر کام کی رفتار تیز کی جائے اور عوام کو ریلیف فراہم کیا جائے۔ اجلاس میں صوبائی حکومتوں کے نمائندوں نے بھی شرکت کی اور اپنی تجاویز پیش کیں۔ حکام کے مطابق آئندہ مالی سال کے بجٹ میں تعلیم، صحت اور بنیادی ڈھانچے کے لیے اضافی رقم مختص کی جائے گی۔ شہریوں نے حکومتی اقدامات کا خیر مقدم کیا ہے اور امید ظاہر کی ہے کہ مہنگائی میں کمی آئے گی۔

اشتہار
52
روزنامہ اکثریت

وفاقی حکومت نے ملک بھر میں ترقیاتی منصوبوں کی تکمیل کے لیے فنڈز کی فراہمی کا فیصلہ کیا ہے۔ وزیراعظم نے متعلقہ اداروں کو ہدایت کی ہے کہ منصوبوں پر کام کی رفتار تیز کی جائے اور عوام کو ریلیف فراہم کیا جائے۔ اجلاس میں صوبائی حکومتوں کے نمائندوں نے بھی شرکت کی اور اپنی تجاویز پیش کیں۔ حکام کے مطابق آئندہ مالی سال کے بجٹ میں تعلیم، صحت اور بنیادی ڈھانچے کے لیے اضافی رقم مختص کی جائے گی۔ شہریوں نے حکومتی اقدامات کا خیر مقدم کیا ہے اور امید ظاہر کی ہے کہ مہنگائی میں کمی آئے گی۔ وفاقی حکومت نے ملک بھر میں ترقیاتی منصوبوں کی تکمیل کے لیے فنڈز کی فراہمی کا فیصلہ کیا ہے۔ وزیراعظم نے متعلقہ اداروں کو ہدایت کی ہے کہ منصوبوں پر کام کی رفتار تیز کی جائے اور عوام کو ریلیف فراہم کیا جائے۔ اجلاس میں صوبائی حکومتوں کے نمائندوں نے بھی شرکت کی اور اپنی تجاویز پیش کیں۔ حکام کے مطابق آئندہ مالی سال کے بجٹ میں تعلیم، صحت اور بنیادی ڈھانچے کے لیے اضافی رقم مختص کی جائے گی۔ شہریوں نے حکومتی اقدامات کا خیر مقدم کیا ہے اور امید ظاہر کی ہے کہ مہنگائی میں کمی آئے گی۔

mk/nsr
اشتہار
53
روزنامہ اکثریت

وفاقی حکومت نے ملک بھر میں ترقیاتی منصوبوں کی تکمیل کے لیے فنڈز کی فراہمی کا فیصلہ کیا ہے۔ وزیراعظم نے متعلقہ اداروں کو ہدایت کی ہے کہ منصوبوں پر کام کی رفتار تیز کی جائے اور عوام کو ریلیف فراہم کیا جائے۔ اجلاس میں صوبائی حکومتوں کے نمائندوں نے بھی شرکت کی اور اپنی تجاویز پیش کیں۔ حکام کے مطابق آئندہ مالی سال کے بجٹ میں تعلیم، صحت اور بنیادی ڈھانچے کے لیے اضافی رقم مختص کی جائے گی۔ شہریوں نے حکومتی اقدامات کا خیر مقدم کیا ہے اور امید ظاہر کی ہے کہ مہنگائی میں کمی آئے گی۔ وفاقی حکومت نے ملک بھر میں ترقیاتی منصوبوں کی تکمیل کے لیے فنڈز کی فراہمی کا فیصلہ کیا ہے۔ وزیراعظم نے متعلقہ اداروں کو ہدایت کی ہے کہ منصوبوں پر کام کی رفتار تیز کی جائے اور عوام کو ریلیف فراہم کیا جائے۔ اجلاس میں صوبائی حکومتوں کے نمائندوں نے بھی شرکت کی اور اپنی تجاویز پیش کیں۔ حکام کے مطابق آئندہ مالی سال کے بجٹ میں تعلیم، صحت اور بنیادی ڈھانچے کے لیے اضافی رقم مختص کی جائے گی۔ شہریوں نے حکومتی اقدامات کا خیر مقدم کیا ہے اور امید ظاہر کی ہے کہ مہنگائی میں کمی آئے گی۔

اشتہار
54
روزنامہ اکثریت

وفاقی حکومت نے ملک بھر میں ترقیاتی منصوبوں کی تکمیل کے لیے فنڈز کی فراہمی کا فیصلہ کیا ہے۔ وزیراعظم نے متعلقہ اداروں کو ہدایت کی ہے کہ منصوبوں پر کام کی رفتار تیز کی جائے اور عوام کو ریلیف فراہم کیا جائے۔ اجلاس میں صوبائی حکومتوں کے نمائندوں نے بھی شرکت کی اور اپنی تجاویز پیش کیں۔ حکام کے مطابق آئندہ مالی سال کے بجٹ میں تعلیم، صحت اور بنیادی ڈھانچے کے لیے اضافی رقم مختص کی جائے گی۔ شہریوں نے حکومتی اقدامات کا خیر مقدم کیا ہے اور امید ظاہر کی ہے کہ مہنگائی میں کمی آئے گی۔ وفاقی حکومت نے ملک بھر میں ترقیاتی منصوبوں کی تکمیل کے لیے فنڈز کی فراہمی کا فیصلہ کیا ہے۔ وزیراعظم نے متعلقہ اداروں کو ہدایت کی ہے کہ منصوبوں پر کام کی رفتار تیز کی جائے اور عوام کو ریلیف فراہم کیا جائے۔ اجلاس میں صوبائی حکومتوں کے نمائندوں نے بھی شرکت کی اور اپنی تجاویز پیش کیں۔ حکام کے مطابق آئندہ مالی سال کے بجٹ میں تعلیم، صحت اور بنیادی ڈھانچے کے لیے اضافی رقم مختص کی جائے گی۔ شہریوں نے حکومتی اقدامات کا خیر مقدم کیا ہے اور امید ظاہر کی ہے کہ مہنگائی میں کمی آئے گی۔

اشتہار
55
روزنامہ اکثریت

وفاقی حکومت نے ملک بھر میں ترقیاتی منصوبوں کی تکمیل کے لیے فنڈز کی فراہمی کا فیصلہ کیا ہے۔ وزیراعظم نے متعلقہ اداروں کو ہدایت کی ہے کہ منصوبوں پر کام کی رفتار تیز کی جائے اور عوام کو ریلیف فراہم کیا جائے۔ اجلاس میں صوبائی حکومتوں کے نمائندوں نے بھی شرکت کی اور اپنی تجاویز پیش کیں۔ حکام کے مطابق آئندہ مالی سال کے بجٹ میں تعلیم، صحت اور بنیادی ڈھانچے کے لیے اضافی رقم مختص کی جائے گی۔ شہریوں نے حکومتی اقدامات کا خیر مقدم کیا ہے اور امید ظاہر کی ہے کہ مہنگائی میں کمی آئے گی۔ وفاقی حکومت نے ملک بھر میں ترقیاتی منصوبوں کی تکمیل کے لیے فنڈز کی فراہمی کا فیصلہ کیا ہے۔ وزیراعظم نے متعلقہ اداروں کو ہدایت کی ہے کہ منصوبوں پر کام کی رفتار تیز کی جائے اور عوام کو ریلیف فراہم کیا جائے۔ اجلاس میں صوبائی حکومتوں کے نمائندوں نے بھی شرکت کی اور اپنی تجاویز پیش کیں۔ حکام کے مطابق آئندہ مالی سال کے بجٹ میں تعلیم، صحت اور بنیادی ڈھانچے کے لیے اضافی رقم مختص کی جائے گی۔ شہریوں نے حکومتی اقدامات کا خیر مقدم کیا ہے اور امید ظاہر کی ہے کہ مہنگائی میں کمی آئے گی۔

mk/nsr
اشتہار
56
روزنامہ اکثریت

وفاقی حکومت نے ملک بھر میں ترقیاتی منصوبوں کی تکمیل کے لیے فنڈز کی فراہمی کا فیصلہ کیا ہے۔ وزیراعظم نے متعلقہ اداروں کو ہدایت کی ہے کہ منصوبوں پر کام کی رفتار تیز کی جائے اور عوام کو ریلیف فراہم کیا جائے۔ اجلاس میں صوبائی حکومتوں کے نمائندوں نے بھی شرکت کی اور اپنی تجاویز پیش کیں۔ حکام کے مطابق آئندہ مالی سال کے بجٹ میں تعلیم، صحت اور بنیادی ڈھانچے کے لیے اضافی رقم مختص کی جائے گی۔ شہریوں نے حکومتی اقدامات کا خیر مقدم کیا ہے اور امید ظاہر کی ہے کہ مہنگائی میں کمی آئے گی۔ وفاقی حکومت نے ملک بھر میں ترقیاتی منصوبوں کی تکمیل کے لیے فنڈز کی فراہمی کا فیصلہ کیا ہے۔ وزیراعظم نے متعلقہ اداروں کو ہدایت کی ہے کہ منصوبوں پر کام کی رفتار تیز کی جائے اور عوام کو ریلیف فراہم کیا جائے۔ اجلاس میں صوبائی حکومتوں کے نمائندوں نے بھی شرکت کی اور اپنی تجاویز پیش کیں۔ حکام کے مطابق آئندہ مالی سال کے بجٹ میں تعلیم، صحت اور بنیادی ڈھانچے کے لیے اضافی رقم مختص کی جائے گی۔ شہریوں نے حکومتی اقدامات کا خیر مقدم کیا ہے اور امید ظاہر کی ہے کہ مہنگائی میں کمی آئے گی۔

اشتہار
57
روزنامہ اکثریت

وفاقی حکومت نے ملک بھر میں ترقیاتی منصوبوں کی تکمیل کے لیے فنڈز کی فراہمی کا فیصلہ کیا ہے۔ وزیراعظم نے متعلقہ اداروں کو ہدایت کی ہے کہ منصوبوں پر کام کی رفتار تیز کی جائے اور عوام کو ریلیف فراہم کیا جائے۔ اجلاس میں صوبائی حکومتوں کے نمائندوں نے بھی شرکت کی اور اپنی تجاویز پیش کیں۔ حکام کے مطابق آئندہ مالی سال کے بجٹ میں تعلیم، صحت اور بنیادی ڈھانچے کے لیے اضافی رقم مختص کی جائے گی۔ شہریوں نے حکومتی اقدامات کا خیر مقدم کیا ہے اور امید ظاہر کی ہے کہ مہنگائی میں کمی آئے گی۔ وفاقی حکومت نے ملک بھر میں ترقیاتی منصوبوں کی تکمیل کے لیے فنڈز کی فراہمی کا فیصلہ کیا ہے۔ وزیراعظم نے متعلقہ اداروں کو ہدایت کی ہے کہ منصوبوں پر کام کی رفتار تیز کی جائے اور عوام کو ریلیف فراہم کیا جائے۔ اجلاس میں صوبائی حکومتوں کے نمائندوں نے بھی شرکت کی اور اپنی تجاویز پیش کیں۔ حکام کے مطابق آئندہ مالی سال کے بجٹ میں تعلیم، صحت اور بنیادی ڈھانچے کے لیے اضافی رقم مختص کی جائے گی۔ شہریوں نے حکومتی اقدامات کا خیر مقدم کیا ہے اور امید ظاہر کی ہے کہ مہنگائی میں کمی آئے گی۔

اشتہار
58
روزنامہ اکثریت

وفاقی حکومت نے ملک بھر میں ترقیاتی منصوبوں کی تکمیل کے لیے فنڈز کی فراہمی کا فیصلہ کیا ہے۔ وزیراعظم نے متعلقہ اداروں کو ہدایت کی ہے کہ منصوبوں پر کام کی رفتار تیز کی جائے اور عوام کو ریلیف فراہم کیا جائے۔ اجلاس میں صوبائی حکومتوں کے نمائندوں نے بھی شرکت کی اور اپنی تجاویز پیش کیں۔ حکام کے مطابق آئندہ مالی سال کے بجٹ میں تعلیم، صحت اور بنیادی ڈھانچے کے لیے اضافی رقم مختص کی جائے گی۔ شہریوں نے حکومتی اقدامات کا خیر مقدم کیا ہے اور امید ظاہر کی ہے کہ مہنگائی میں کمی آئے گی۔ وفاقی حکومت نے ملک بھر میں ترقیاتی منصوبوں کی تکمیل کے لیے فنڈز کی فراہمی کا فیصلہ کیا ہے۔ وزیراعظم نے متعلقہ اداروں کو ہدایت کی ہے کہ منصوبوں پر کام کی رفتار تیز کی جائے اور عوام کو ریلیف فراہم کیا جائے۔ اجلاس میں صوبائی حکومتوں کے نمائندوں نے بھی شرکت کی اور اپنی تجاویز پیش کیں۔ حکام کے مطابق آئندہ مالی سال کے بجٹ میں تعلیم، صحت اور بنیادی ڈھانچے کے لیے اضافی رقم مختص کی جائے گی۔ شہریوں نے حکومتی اقدامات کا خیر مقدم کیا ہے اور امید ظاہر کی ہے کہ مہنگائی میں کمی آئے گی۔

mk/nsr
اشتہار
59
روزنامہ اکثریت

وفاقی حکومت نے ملک بھر میں ترقیاتی منصوبوں کی تکمیل کے لیے فنڈز کی فراہمی کا فیصلہ کیا ہے۔ وزیراعظم نے متعلقہ اداروں کو ہدایت کی ہے کہ منصوبوں پر کام کی رفتار تیز کی جائے اور عوام کو ریلیف فراہم کیا جائے۔ اجلاس میں صوبائی حکومتوں کے نمائندوں نے بھی شرکت کی اور اپنی تجاویز پیش کیں۔ حکام کے مطابق آئندہ مالی سال کے بجٹ میں تعلیم، صحت اور بنیادی ڈھانچے کے لیے اضافی رقم مختص کی جائے گی۔ شہریوں نے حکومتی اقدامات کا خیر مقدم کیا ہے اور امید ظاہر کی ہے کہ مہنگائی میں کمی آئے گی۔ وفاقی حکومت نے ملک بھر میں ترقیاتی منصوبوں کی تکمیل کے لیے فنڈز کی فراہمی کا فیصلہ کیا ہے۔ وزیراعظم نے متعلقہ اداروں کو ہدایت کی ہے کہ منصوبوں پر کام کی رفتار تیز کی جائے اور عوام کو ریلیف فراہم کیا جائے۔ اجلاس میں صوبائی حکومتوں کے نمائندوں نے بھی شرکت کی اور اپنی تجاویز پیش کیں۔ حکام کے مطابق آئندہ مالی سال کے بجٹ میں تعلیم، صحت اور بنیادی ڈھانچے کے لیے اضافی رقم مختص کی جائے گی۔ شہریوں نے حکومتی اقدامات کا خیر مقدم کیا ہے اور امید ظاہر کی ہے کہ مہنگائی میں کمی آئے گی۔

اشتہار
60
روزنامہ اکثریت

وفاقی حکومت نے ملک بھر میں ترقیاتی منصوبوں کی تکمیل کے لیے فنڈز کی فراہمی کا فیصلہ کیا ہے۔ وزیراعظم نے متعلقہ اداروں کو ہدایت کی ہے کہ منصوبوں پر کام کی رفتار تیز کی جائے اور عوام کو ریلیف فراہم کیا جائے۔ اجلاس میں صوبائی حکومتوں کے نمائندوں نے بھی شرکت کی اور اپنی تجاویز پیش کیں۔ حکام کے مطابق آئندہ مالی سال کے بجٹ میں تعلیم، صحت اور بنیادی ڈھانچے کے لیے اضافی رقم مختص کی جائے گی۔ شہریوں نے حکومتی اقدامات کا خیر مقدم کیا ہے اور امید ظاہر کی ہے کہ مہنگائی میں کمی آئے گی۔ وفاقی حکومت نے ملک بھر میں ترقیاتی منصوبوں کی تکمیل کے لیے فنڈز کی فراہمی کا فیصلہ کیا ہے۔ وزیراعظم نے متعلقہ اداروں کو ہدایت کی ہے کہ منصوبوں پر کام کی رفتار تیز کی جائے اور عوام کو ریلیف فراہم کیا جائے۔ اجلاس میں صوبائی حکومتوں کے نمائندوں نے بھی شرکت کی اور اپنی تجاویز پیش کیں۔ حکام کے مطابق آئندہ مالی سال کے بجٹ میں تعلیم، صحت اور بنیادی ڈھانچے کے لیے اضافی رقم مختص کی جائے گی۔ شہریوں نے حکومتی اقدامات کا خیر مقدم کیا ہے اور امید ظاہر کی ہے کہ مہنگائی میں کمی آئے گی۔

اشتہار
61
روزنامہ اکثریت

وفاقی حکومت نے ملک بھر میں ترقیاتی منصوبوں کی تکمیل کے لیے فنڈز کی فراہمی کا فیصلہ کیا ہے۔ وزیراعظم نے متعلقہ اداروں کو ہدایت کی ہے کہ منصوبوں پر کام کی رفتار تیز کی جائے اور عوام کو ریلیف فراہم کیا جائے۔ اجلاس میں صوبائی حکومتوں کے نمائندوں نے بھی شرکت کی اور اپنی تجاویز پیش کیں۔ حکام کے مطابق آئندہ مالی سال کے بجٹ میں تعلیم، صحت اور بنیادی ڈھانچے کے لیے اضافی رقم مختص کی جائے گی۔ شہریوں نے حکومتی اقدامات کا خیر مقدم کیا ہے اور امید ظاہر کی ہے کہ مہنگائی میں کمی آئے گی۔ وفاقی حکومت نے ملک بھر میں ترقیاتی منصوبوں کی تکمیل کے لیے فنڈز کی فراہمی کا فیصلہ کیا ہے۔ وزیراعظم نے متعلقہ اداروں کو ہدایت کی ہے کہ منصوبوں پر کام کی رفتار تیز کی جائے اور عوام کو ریلیف فراہم کیا جائے۔ اجلاس میں صوبائی حکومتوں کے نمائندوں نے بھی شرکت کی اور اپنی تجاویز پیش کیں۔ حکام کے مطابق آئندہ مالی سال کے بجٹ میں تعلیم، صحت اور بنیادی ڈھانچے کے لیے اضافی رقم مختص کی جائے گی۔ شہریوں نے حکومتی اقدامات کا خیر مقدم کیا ہے اور امید ظاہر کی ہے کہ مہنگائی میں کمی آئے گی۔

mk/nsr
اشتہار
62
روزنامہ اکثریت

وفاقی حکومت نے ملک بھر میں ترقیاتی منصوبوں کی تکمیل کے لیے فنڈز کی فراہمی کا فیصلہ کیا ہے۔ وزیراعظم نے متعلقہ اداروں کو ہدایت کی ہے کہ منصوبوں پر کام کی رفتار تیز کی جائے اور عوام کو ریلیف فراہم کیا جائے۔ اجلاس میں صوبائی حکومتوں کے نمائندوں نے بھی شرکت کی اور اپنی تجاویز پیش کیں۔ حکام کے مطابق آئندہ مالی سال کے بجٹ میں تعلیم، صحت اور بنیادی ڈھانچے کے لیے اضافی رقم مختص کی جائے گی۔ شہریوں نے حکومتی اقدامات کا خیر مقدم کیا ہے اور امید ظاہر کی ہے کہ مہنگائی میں کمی آئے گی۔ وفاقی حکومت نے ملک بھر میں ترقیاتی منصوبوں کی تکمیل کے لیے فنڈز کی فراہمی کا فیصلہ کیا ہے۔ وزیراعظم نے متعلقہ اداروں کو ہدایت کی ہے کہ منصوبوں پر کام کی رفتار تیز کی جائے اور عوام کو ریلیف فراہم کیا جائے۔ اجلاس میں صوبائی حکومتوں کے نمائندوں نے بھی شرکت کی اور اپنی تجاویز پیش کیں۔ حکام کے مطابق آئندہ مالی سال کے بجٹ میں تعلیم، صحت اور بنیادی ڈھانچے کے لیے اضافی رقم مختص کی جائے گی۔ شہریوں نے حکومتی اقدامات کا خیر مقدم کیا ہے اور امید ظاہر کی ہے کہ مہنگائی میں کمی آئے گی۔

اشتہار
63
روزنامہ اکثریت

وفاقی حکومت نے ملک بھر میں ترقیاتی منصوبوں کی تکمیل کے لیے فنڈز کی فراہمی کا فیصلہ کیا ہے۔ وزیراعظم نے متعلقہ اداروں کو ہدایت کی ہے کہ منصوبوں پر کام کی رفتار تیز کی جائے اور عوام کو ریلیف فراہم کیا جائے۔ اجلاس میں صوبائی حکومتوں کے نمائندوں نے بھی شرکت کی اور اپنی تجاویز پیش کیں۔ حکام کے مطابق آئندہ مالی سال کے بجٹ میں تعلیم، صحت اور بنیادی ڈھانچے کے لیے اضافی رقم مختص کی جائے گی۔ شہریوں نے حکومتی اقدامات کا خیر مقدم کیا ہے اور امید ظاہر کی ہے کہ مہنگائی میں کمی آئے گی۔ وفاقی حکومت نے ملک بھر میں ترقیاتی منصوبوں کی تکمیل کے لیے فنڈز کی فراہمی کا فیصلہ کیا ہے۔ وزیراعظم نے متعلقہ اداروں کو ہدایت کی ہے کہ منصوبوں پر کام کی رفتار تیز کی جائے اور عوام کو ریلیف فراہم کیا جائے۔ اجلاس میں صوبائی حکومتوں کے نمائندوں نے بھی شرکت کی اور اپنی تجاویز پیش کیں۔ حکام کے مطابق آئندہ مالی سال کے بجٹ میں تعلیم، صحت اور بنیادی ڈھانچے کے لیے اضافی رقم مختص کی جائے گی۔ شہریوں نے حکومتی اقدامات کا خیر مقدم کیا ہے اور امید ظاہر کی ہے کہ مہنگائی میں کمی آئے گی۔

اشتہار
64
روزنامہ اکثریت

وفاقی حکومت نے ملک بھر میں ترقیاتی منصوبوں کی تکمیل کے لیے فنڈز کی فراہمی کا فیصلہ کیا ہے۔ وزیراعظم نے متعلقہ اداروں کو ہدایت کی ہے کہ منصوبوں پر کام کی رفتار تیز کی جائے اور عوام کو ریلیف فراہم کیا جائے۔ اجلاس میں صوبائی حکومتوں کے نمائندوں نے بھی شرکت کی اور اپنی تجاویز پیش کیں۔ حکام کے مطابق آئندہ مالی سال کے بجٹ میں تعلیم، صحت اور بنیادی ڈھانچے کے لیے اضافی رقم مختص کی جائے گی۔ شہریوں نے حکومتی اقدامات کا خیر مقدم کیا ہے اور امید ظاہر کی ہے کہ مہنگائی میں کمی آئے گی۔ وفاقی حکومت نے ملک بھر میں ترقیاتی منصوبوں کی تکمیل کے لیے فنڈز کی فراہمی کا فیصلہ کیا ہے۔ وزیراعظم نے متعلقہ اداروں کو ہدایت کی ہے کہ منصوبوں پر کام کی رفتار تیز کی جائے اور عوام کو ریلیف فراہم کیا جائے۔ اجلاس میں صوبائی حکومتوں کے نمائندوں نے بھی شرکت کی اور اپنی تجاویز پیش کیں۔ حکام کے مطابق آئندہ مالی سال کے بجٹ میں تعلیم، صحت اور بنیادی ڈھانچے کے لیے اضافی رقم مختص کی جائے گی۔ شہریوں نے حکومتی اقدامات کا خیر مقدم کیا ہے اور امید ظاہر کی ہے کہ مہنگائی میں کمی آئے گی۔

mk/nsr
Stefano Pontecorvo
اشتہار
65
روزنامہ اکثریت

وفاقی حکومت نے ملک بھر میں ترقیاتی منصوبوں کی تکمیل کے لیے فنڈز کی فراہمی کا فیصلہ کیا ہے۔ وزیراعظم نے متعلقہ اداروں کو ہدایت کی ہے کہ منصوبوں پر کام کی رفتار تیز کی جائے اور عوام کو ریلیف فراہم کیا جائے۔ اجلاس میں صوبائی حکومتوں کے نمائندوں نے بھی شرکت کی اور اپنی تجاویز پیش کیں۔ حکام کے مطابق آئندہ مالی سال کے بجٹ میں تعلیم، صحت اور بنیادی ڈھانچے کے لیے اضافی رقم مختص کی جائے گی۔ شہریوں نے حکومتی اقدامات کا خیر مقدم کیا ہے اور امید ظاہر کی ہے کہ مہنگائی میں کمی آئے گی۔ وفاقی حکومت نے ملک بھر میں ترقیاتی منصوبوں کی تکمیل کے لیے فنڈز کی فراہمی کا فیصلہ کیا ہے۔ وزیراعظم نے متعلقہ اداروں کو ہدایت کی ہے کہ منصوبوں پر کام کی رفتار تیز کی جائے اور عوام کو ریلیف فراہم کیا جائے۔ اجلاس میں صوبائی حکومتوں کے نمائندوں نے بھی شرکت کی اور اپنی تجاویز پیش کیں۔ حکام کے مطابق آئندہ مالی سال کے بجٹ میں تعلیم، صحت اور بنیادی ڈھانچے کے لیے اضافی رقم مختص کی جائے گی۔ شہریوں نے حکومتی اقدامات کا خیر مقدم کیا ہے اور امید ظاہر کی ہے کہ مہنگائی میں کمی آئے گی۔

mk/nsr
اشتہار
66
روزنامہ اکثریت

وفاقی حکومت نے ملک بھر میں ترقیاتی منصوبوں کی تکمیل کے لیے فنڈز کی فراہمی کا فیصلہ کیا ہے۔ وزیراعظم نے متعلقہ اداروں کو ہدایت کی ہے کہ منصوبوں پر کام کی رفتار تیز کی جائے اور عوام کو ریلیف فراہم کیا جائے۔ اجلاس میں صوبائی حکومتوں کے نمائندوں نے بھی شرکت کی اور اپنی تجاویز پیش کیں۔ حکام کے مطابق آئندہ مالی سال کے بجٹ میں تعلیم، صحت اور بنیادی ڈھانچے کے لیے اضافی رقم مختص کی جائے گی۔ شہریوں نے حکومتی اقدامات کا خیر مقدم کیا ہے اور امید ظاہر کی ہے کہ مہنگائی میں کمی آئے گی۔ وفاقی حکومت نے ملک بھر میں ترقیاتی منصوبوں کی تکمیل کے لیے فنڈز کی فراہمی کا فیصلہ کیا ہے۔ وزیراعظم نے متعلقہ اداروں کو ہدایت کی ہے کہ منصوبوں پر کام کی رفتار تیز کی جائے اور عوام کو ریلیف فراہم کیا جائے۔ اجلاس میں صوبائی حکومتوں کے نمائندوں نے بھی شرکت کی اور اپنی تجاویز پیش کیں۔ حکام کے مطابق آئندہ مالی سال کے بجٹ میں تعلیم، صحت اور بنیادی ڈھانچے کے لیے اضافی رقم مختص کی جائے گی۔ شہریوں نے حکومتی اقدامات کا خیر مقدم کیا ہے اور امید ظاہر کی ہے کہ مہنگائی میں کمی آئے گی۔

اشتہار
67
روزنامہ اکثریت

وفاقی حکومت نے ملک بھر میں ترقیاتی منصوبوں کی تکمیل کے لیے فنڈز کی فراہمی کا فیصلہ کیا ہے۔ وزیراعظم نے متعلقہ اداروں کو ہدایت کی ہے کہ منصوبوں پر کام کی رفتار تیز کی جائے اور عوام کو ریلیف فراہم کیا جائے۔ اجلاس میں صوبائی حکومتوں کے نمائندوں نے بھی شرکت کی اور اپنی تجاویز پیش کیں۔ حکام کے مطابق آئندہ مالی سال کے بجٹ میں تعلیم، صحت اور بنیادی ڈھانچے کے لیے اضافی رقم مختص کی جائے گی۔ شہریوں نے حکومتی اقدامات کا خیر مقدم کیا ہے اور امید ظاہر کی ہے کہ مہنگائی میں کمی آئے گی۔ وفاقی حکومت نے ملک بھر میں ترقیاتی منصوبوں کی تکمیل کے لیے فنڈز کی فراہمی کا فیصلہ کیا ہے۔ وزیراعظم نے متعلقہ اداروں کو ہدایت کی ہے کہ منصوبوں پر کام کی رفتار تیز کی جائے اور عوام کو ریلیف فراہم کیا جائے۔ اجلاس میں صوبائی حکومتوں کے نمائندوں نے بھی شرکت کی اور اپنی تجاویز پیش کیں۔ حکام کے مطابق آئندہ مالی سال کے بجٹ میں تعلیم، صحت اور بنیادی ڈھانچے کے لیے اضافی رقم مختص کی جائے گی۔ شہریوں نے حکومتی اقدامات کا خیر مقدم کیا ہے اور امید ظاہر کی ہے کہ مہنگائی میں کمی آئے گی۔

اشتہار
68
روزنامہ اکثریت

وفاقی حکومت نے ملک بھر میں ترقیاتی منصوبوں کی تکمیل کے لیے فنڈز کی فراہمی کا فیصلہ کیا ہے۔ وزیراعظم نے متعلقہ اداروں کو ہدایت کی ہے کہ منصوبوں پر کام کی رفتار تیز کی جائے اور عوام کو ریلیف فراہم کیا جائے۔ اجلاس میں صوبائی حکومتوں کے نمائندوں نے بھی شرکت کی اور اپنی تجاویز پیش کیں۔ حکام کے مطابق آئندہ مالی سال کے بجٹ میں تعلیم، صحت اور بنیادی ڈھانچے کے لیے اضافی رقم مختص کی جائے گی۔ شہریوں نے حکومتی اقدامات کا خیر مقدم کیا ہے اور امید ظاہر کی ہے کہ مہنگائی میں کمی آئے گی۔ وفاقی حکومت نے ملک بھر میں ترقیاتی منصوبوں کی تکمیل کے لیے فنڈز کی فراہمی کا فیصلہ کیا ہے۔ وزیراعظم نے متعلقہ اداروں کو ہدایت کی ہے کہ منصوبوں پر کام کی رفتار تیز کی جائے اور عوام کو ریلیف فراہم کیا جائے۔ اجلاس میں صوبائی حکومتوں کے نمائندوں نے بھی شرکت کی اور اپنی تجاویز پیش کیں۔ حکام کے مطابق آئندہ مالی سال کے بجٹ میں تعلیم، صحت اور بنیادی ڈھانچے کے لیے اضافی رقم مختص کی جائے گی۔ شہریوں نے حکومتی اقدامات کا خیر مقدم کیا ہے اور امید ظاہر کی ہے کہ مہنگائی میں کمی آئے گی۔

mk/nsr
اشتہار
69
روزنامہ اکثریت

وفاقی حکومت نے ملک بھر میں ترقیاتی منصوبوں کی تکمیل کے لیے فنڈز کی فراہمی کا فیصلہ کیا ہے۔ وزیراعظم نے متعلقہ اداروں کو ہدایت کی ہے کہ منصوبوں پر کام کی رفتار تیز کی جائے اور عوام کو ریلیف فراہم کیا جائے۔ اجلاس میں صوبائی حکومتوں کے نمائندوں نے بھی شرکت کی اور اپنی تجاویز پیش کیں۔ حکام کے مطابق آئندہ مالی سال کے بجٹ میں تعلیم، صحت اور بنیادی ڈھانچے کے لیے اضافی رقم مختص کی جائے گی۔ شہریوں نے حکومتی اقدامات کا خیر مقدم کیا ہے اور امید ظاہر کی ہے کہ مہنگائی میں کمی آئے گی۔ وفاقی حکومت نے ملک بھر میں ترقیاتی منصوبوں کی تکمیل کے لیے فنڈز کی فراہمی کا فیصلہ کیا ہے۔ وزیراعظم نے متعلقہ اداروں کو ہدایت کی ہے کہ منصوبوں پر کام کی رفتار تیز کی جائے اور عوام کو ریلیف فراہم کیا جائے۔ اجلاس میں صوبائی حکومتوں کے نمائندوں نے بھی شرکت کی اور اپنی تجاویز پیش کیں۔ حکام کے مطابق آئندہ مالی سال کے بجٹ میں تعلیم، صحت اور بنیادی ڈھانچے کے لیے اضافی رقم مختص کی جائے گی۔ شہریوں نے حکومتی اقدامات کا خیر مقدم کیا ہے اور امید ظاہر کی ہے کہ مہنگائی میں کمی آئے گی۔

اشتہار
70
روزنامہ اکثریت

وفاقی حکومت نے ملک بھر میں ترقیاتی منصوبوں کی تکمیل کے لیے فنڈز کی فراہمی کا فیصلہ کیا ہے۔ وزیراعظم نے متعلقہ اداروں کو ہدایت کی ہے کہ منصوبوں پر کام کی رفتار تیز کی جائے اور عوام کو ریلیف فراہم کیا جائے۔ اجلاس میں صوبائی حکومتوں کے نمائندوں نے بھی شرکت کی اور اپنی تجاویز پیش کیں۔ حکام کے مطابق آئندہ مالی سال کے بجٹ میں تعلیم، صحت اور بنیادی ڈھانچے کے لیے اضافی رقم مختص کی جائے گی۔ شہریوں نے حکومتی اقدامات کا خیر مقدم کیا ہے اور امید ظاہر کی ہے کہ مہنگائی میں کمی آئے گی۔ وفاقی حکومت نے ملک بھر میں ترقیاتی منصوبوں کی تکمیل کے لیے فنڈز کی فراہمی کا فیصلہ کیا ہے۔ وزیراعظم نے متعلقہ اداروں کو ہدایت کی ہے کہ منصوبوں پر کام کی رفتار تیز کی جائے اور عوام کو ریلیف فراہم کیا جائے۔ اجلاس میں صوبائی حکومتوں کے نمائندوں نے بھی شرکت کی اور اپنی تجاویز پیش کیں۔ حکام کے مطابق آئندہ مالی سال کے بجٹ میں تعلیم، صحت اور بنیادی ڈھانچے کے لیے اضافی رقم مختص کی جائے گی۔ شہریوں نے حکومتی اقدامات کا خیر مقدم کیا ہے اور امید ظاہر کی ہے کہ مہنگائی میں کمی آئے گی۔

اشتہار
71
روزنامہ اکثریت

وفاقی حکومت نے ملک بھر میں ترقیاتی منصوبوں کی تکمیل کے لیے فنڈز کی فراہمی کا فیصلہ کیا ہے۔ وزیراعظم نے متعلقہ اداروں کو ہدایت کی ہے کہ منصوبوں پر کام کی رفتار تیز کی جائے اور عوام کو ریلیف فراہم کیا جائے۔ اجلاس میں صوبائی حکومتوں کے نمائندوں نے بھی شرکت کی اور اپنی تجاویز پیش کیں۔ حکام کے مطابق آئندہ مالی سال کے بجٹ میں تعلیم، صحت اور بنیادی ڈھانچے کے لیے اضافی رقم مختص کی جائے گی۔ شہریوں نے حکومتی اقدامات کا خیر مقدم کیا ہے اور امید ظاہر کی ہے کہ مہنگائی میں کمی آئے گی۔ وفاقی حکومت نے ملک بھر میں ترقیاتی منصوبوں کی تکمیل کے لیے فنڈز کی فراہمی کا فیصلہ کیا ہے۔ وزیراعظم نے متعلقہ اداروں کو ہدایت کی ہے کہ منصوبوں پر کام کی رفتار تیز کی جائے اور عوام کو ریلیف فراہم کیا جائے۔ اجلاس میں صوبائی حکومتوں کے نمائندوں نے بھی شرکت کی اور اپنی تجاویز پیش کیں۔ حکام کے مطابق آئندہ مالی سال کے بجٹ میں تعلیم، صحت اور بنیادی ڈھانچے کے لیے اضافی رقم مختص کی جائے گی۔ شہریوں نے حکومتی اقدامات کا خیر مقدم کیا ہے اور امید ظاہر کی ہے کہ مہنگائی میں کمی آئے گی۔

mk/nsr
اشتہار
72
روزنامہ اکثریت

وفاقی حکومت نے ملک بھر میں ترقیاتی منصوبوں کی تکمیل کے لیے فنڈز کی فراہمی کا فیصلہ کیا ہے۔ وزیراعظم نے متعلقہ اداروں کو ہدایت کی ہے کہ منصوبوں پر کام کی رفتار تیز کی جائے اور عوام کو ریلیف فراہم کیا جائے۔ اجلاس میں صوبائی حکومتوں کے نمائندوں نے بھی شرکت کی اور اپنی تجاویز پیش کیں۔ حکام کے مطابق آئندہ مالی سال کے بجٹ میں تعلیم، صحت اور بنیادی ڈھانچے کے لیے اضافی رقم مختص کی جائے گی۔ شہریوں نے حکومتی اقدامات کا خیر مقدم کیا ہے اور امید ظاہر کی ہے کہ مہنگائی میں کمی آئے گی۔ وفاقی حکومت نے ملک بھر میں ترقیاتی منصوبوں کی تکمیل کے لیے فنڈز کی فراہمی کا فیصلہ کیا ہے۔ وزیراعظم نے متعلقہ اداروں کو ہدایت کی ہے کہ منصوبوں پر کام کی رفتار تیز کی جائے اور عوام کو ریلیف فراہم کیا جائے۔ اجلاس میں صوبائی حکومتوں کے نمائندوں نے بھی شرکت کی اور اپنی تجاویز پیش کیں۔ حکام کے مطابق آئندہ مالی سال کے بجٹ میں تعلیم، صحت اور بنیادی ڈھانچے کے لیے اضافی رقم مختص کی جائے گی۔ شہریوں نے حکومتی اقدامات کا خیر مقدم کیا ہے اور امید ظاہر کی ہے کہ مہنگائی میں کمی آئے گی۔
